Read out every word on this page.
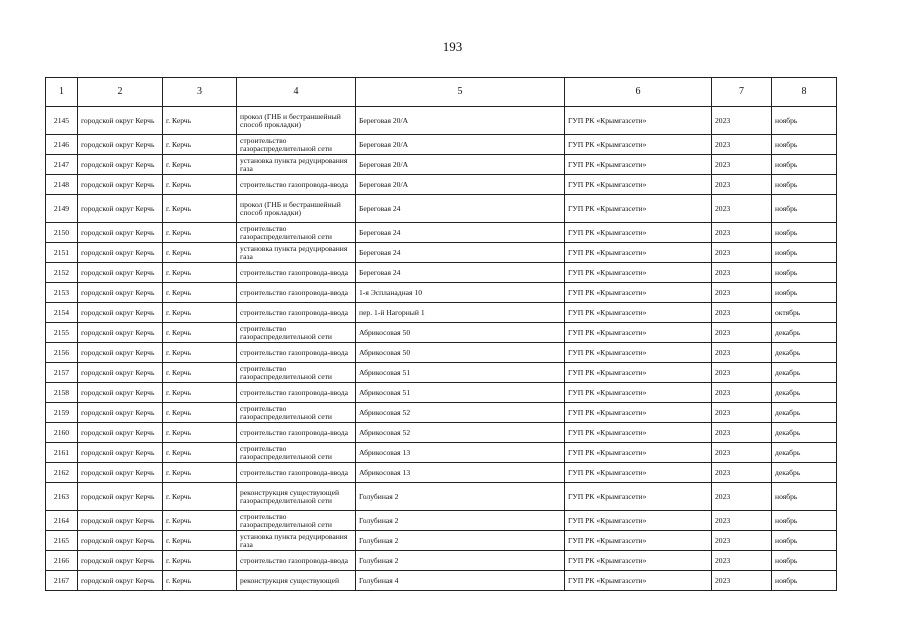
193
1	2	3	4	5	6	7	8
2145	городской округ Керчь	г. Керчь	прокол (ГНБ и бестраншейный способ прокладки)	Береговая 20/А	ГУП РК «Крымгазсети»	2023	ноябрь
2146	городской округ Керчь	г. Керчь	строительство газораспределительной сети	Береговая 20/А	ГУП РК «Крымгазсети»	2023	ноябрь
2147	городской округ Керчь	г. Керчь	установка пункта редуцирования газа	Береговая 20/А	ГУП РК «Крымгазсети»	2023	ноябрь
2148	городской округ Керчь	г. Керчь	строительство газопровода-ввода	Береговая 20/А	ГУП РК «Крымгазсети»	2023	ноябрь
2149	городской округ Керчь	г. Керчь	прокол (ГНБ и бестраншейный способ прокладки)	Береговая 24	ГУП РК «Крымгазсети»	2023	ноябрь
2150	городской округ Керчь	г. Керчь	строительство газораспределительной сети	Береговая 24	ГУП РК «Крымгазсети»	2023	ноябрь
2151	городской округ Керчь	г. Керчь	установка пункта редуцирования газа	Береговая 24	ГУП РК «Крымгазсети»	2023	ноябрь
2152	городской округ Керчь	г. Керчь	строительство газопровода-ввода	Береговая 24	ГУП РК «Крымгазсети»	2023	ноябрь
2153	городской округ Керчь	г. Керчь	строительство газопровода-ввода	1-я Эспланадная 10	ГУП РК «Крымгазсети»	2023	ноябрь
2154	городской округ Керчь	г. Керчь	строительство газопровода-ввода	пер. 1-й Нагорный 1	ГУП РК «Крымгазсети»	2023	октябрь
2155	городской округ Керчь	г. Керчь	строительство газораспределительной сети	Абрикосовая 50	ГУП РК «Крымгазсети»	2023	декабрь
2156	городской округ Керчь	г. Керчь	строительство газопровода-ввода	Абрикосовая 50	ГУП РК «Крымгазсети»	2023	декабрь
2157	городской округ Керчь	г. Керчь	строительство газораспределительной сети	Абрикосовая 51	ГУП РК «Крымгазсети»	2023	декабрь
2158	городской округ Керчь	г. Керчь	строительство газопровода-ввода	Абрикосовая 51	ГУП РК «Крымгазсети»	2023	декабрь
2159	городской округ Керчь	г. Керчь	строительство газораспределительной сети	Абрикосовая 52	ГУП РК «Крымгазсети»	2023	декабрь
2160	городской округ Керчь	г. Керчь	строительство газопровода-ввода	Абрикосовая 52	ГУП РК «Крымгазсети»	2023	декабрь
2161	городской округ Керчь	г. Керчь	строительство газораспределительной сети	Абрикосовая 13	ГУП РК «Крымгазсети»	2023	декабрь
2162	городской округ Керчь	г. Керчь	строительство газопровода-ввода	Абрикосовая 13	ГУП РК «Крымгазсети»	2023	декабрь
2163	городской округ Керчь	г. Керчь	реконструкция существующей газораспределительной сети	Голубиная 2	ГУП РК «Крымгазсети»	2023	ноябрь
2164	городской округ Керчь	г. Керчь	строительство газораспределительной сети	Голубиная 2	ГУП РК «Крымгазсети»	2023	ноябрь
2165	городской округ Керчь	г. Керчь	установка пункта редуцирования газа	Голубиная 2	ГУП РК «Крымгазсети»	2023	ноябрь
2166	городской округ Керчь	г. Керчь	строительство газопровода-ввода	Голубиная 2	ГУП РК «Крымгазсети»	2023	ноябрь
2167	городской округ Керчь	г. Керчь	реконструкция существующей	Голубиная 4	ГУП РК «Крымгазсети»	2023	ноябрь
